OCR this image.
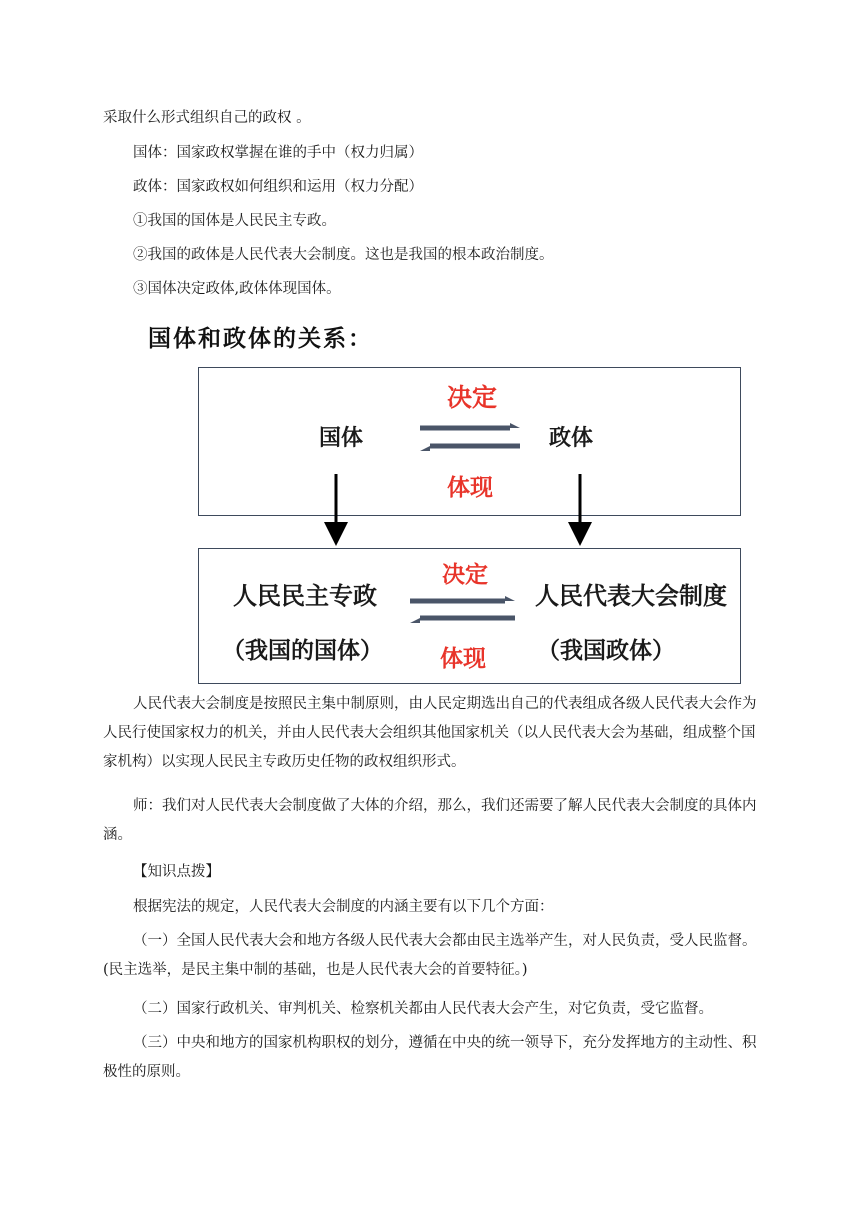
采取什么形式组织自己的政权 。

国体：国家政权掌握在谁的手中（权力归属）

政体：国家政权如何组织和运用（权力分配）

①我国的国体是人民民主专政。

②我国的政体是人民代表大会制度。这也是我国的根本政治制度。

③国体决定政体,政体体现国体。

国体和政体的关系：
决定
国体	政体
体现
决定
人民民主专政
（我国的国体）
人民代表大会制度
（我国政体）
体现

人民代表大会制度是按照民主集中制原则，由人民定期选出自己的代表组成各级人民代表大会作为人民行使国家权力的机关，并由人民代表大会组织其他国家机关（以人民代表大会为基础，组成整个国家机构）以实现人民民主专政历史任物的政权组织形式。

师：我们对人民代表大会制度做了大体的介绍，那么，我们还需要了解人民代表大会制度的具体内涵。

【知识点拨】

根据宪法的规定，人民代表大会制度的内涵主要有以下几个方面：

（一）全国人民代表大会和地方各级人民代表大会都由民主选举产生，对人民负责，受人民监督。(民主选举，是民主集中制的基础，也是人民代表大会的首要特征。)

（二）国家行政机关、审判机关、检察机关都由人民代表大会产生，对它负责，受它监督。

（三）中央和地方的国家机构职权的划分，遵循在中央的统一领导下，充分发挥地方的主动性、积极性的原则。
